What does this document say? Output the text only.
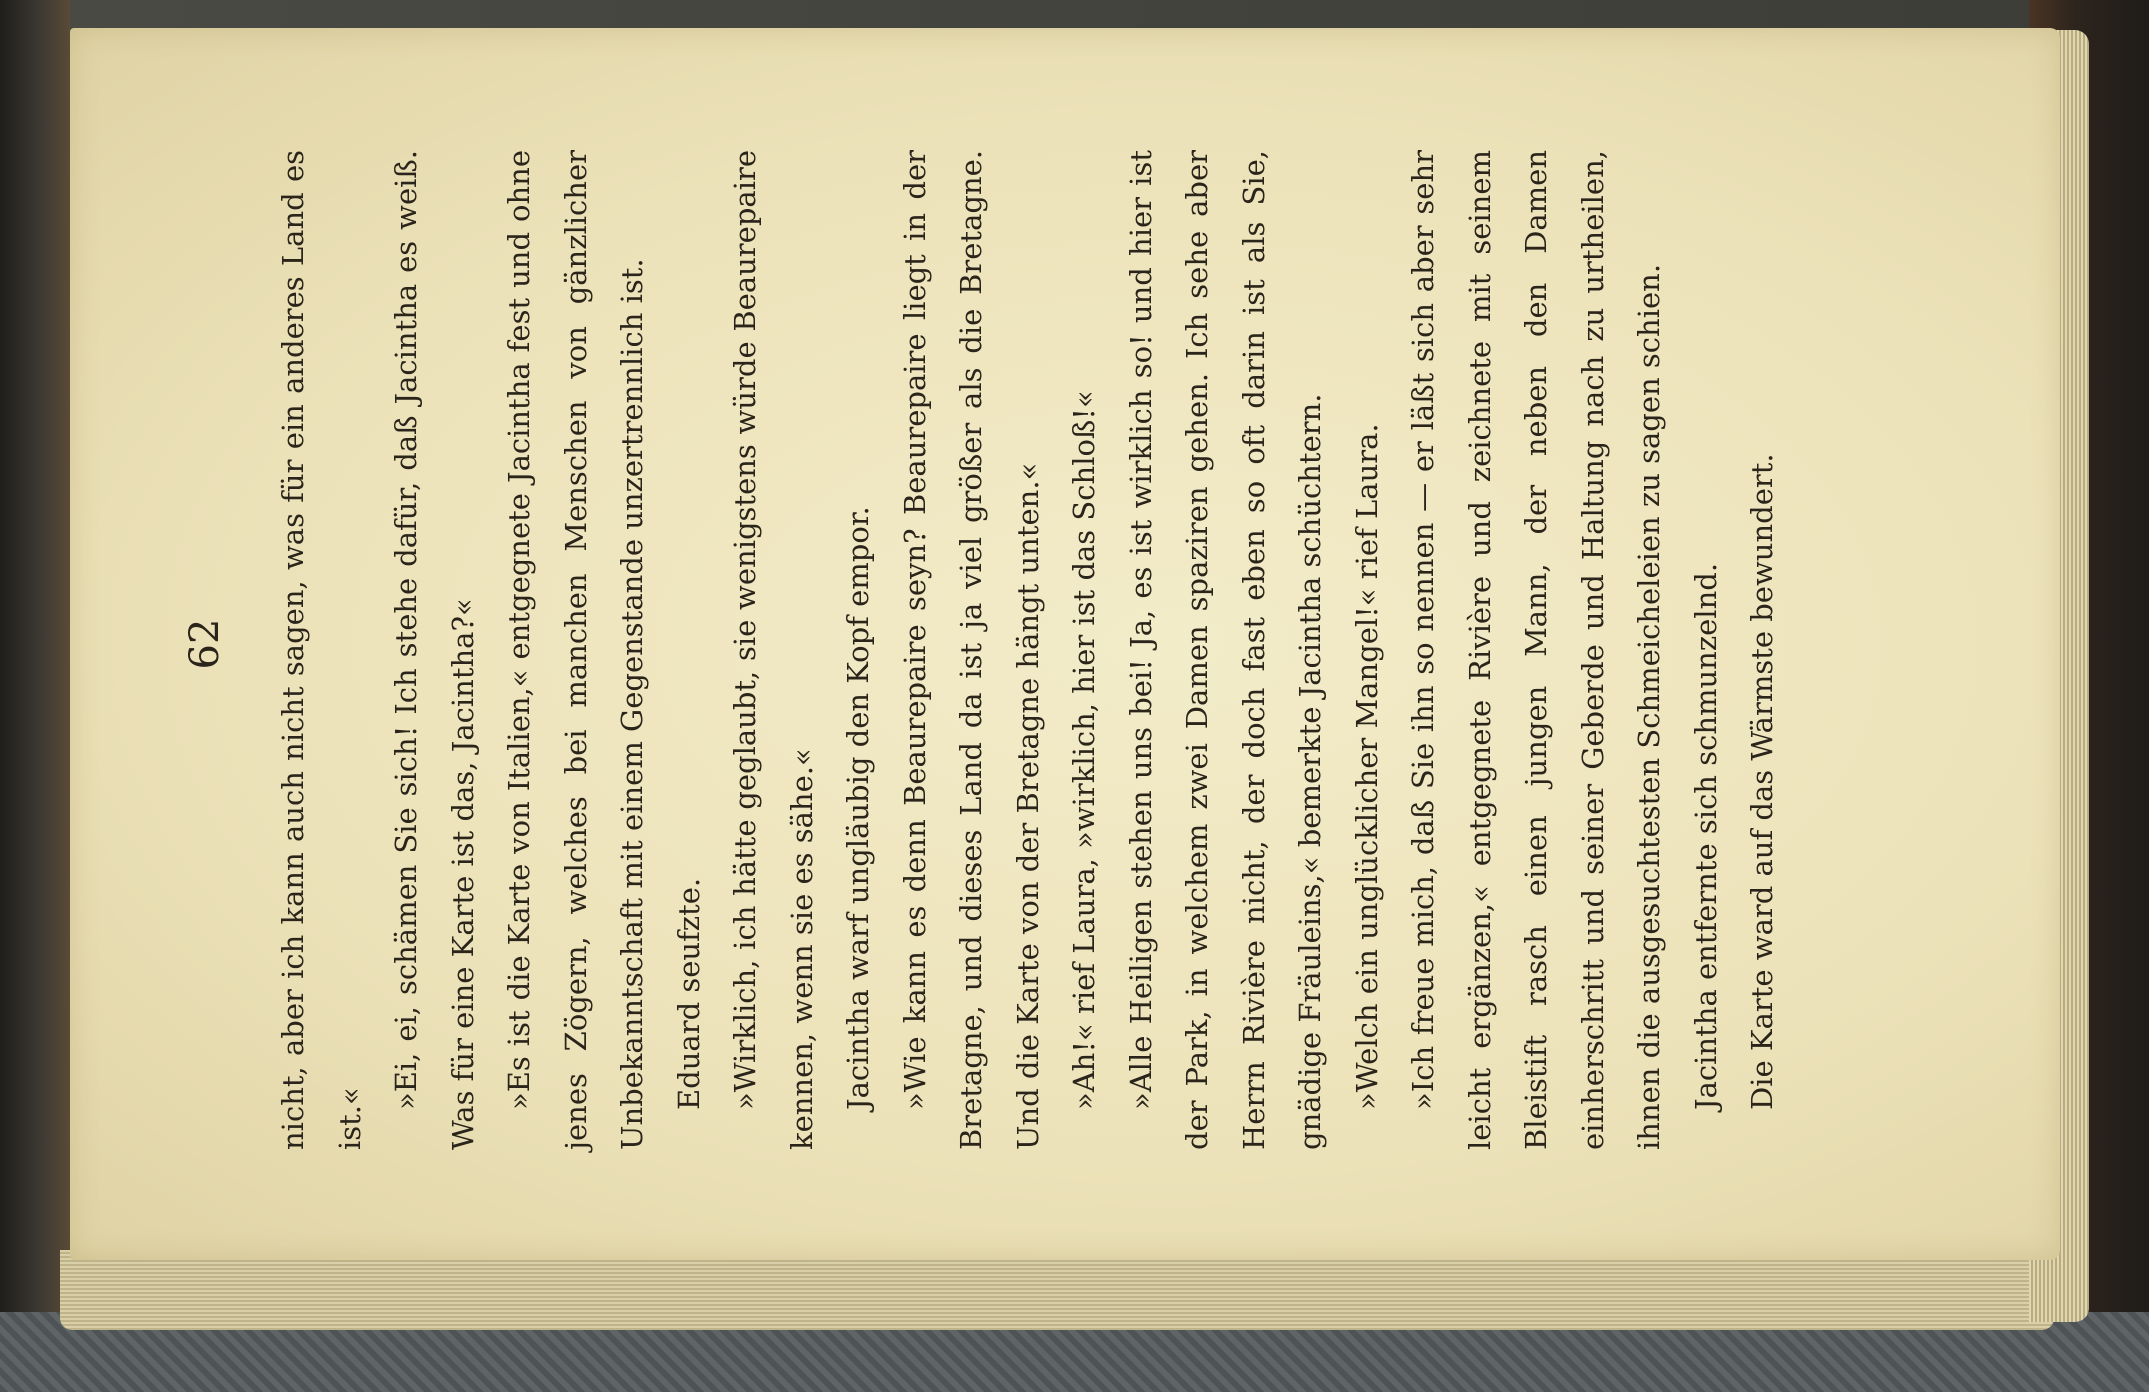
62	nicht, aber ich kann auch nicht sagen, was für ein anderes Land es ist.«

»Ei, ei, schämen Sie sich! Ich stehe dafür, daß Jacintha es weiß. Was für eine Karte ist das, Jacintha?« »Es ist die Karte von Italien,« entgegnete Jacintha fest und ohne jenes Zögern, welches bei manchen Menschen von gänzlicher Unbekanntschaft mit einem Gegenstande unzertrennlich ist. Eduard seufzte. »Wirklich, ich hätte geglaubt, sie wenigstens würde Beaurepaire kennen, wenn sie es sähe.« Jacintha warf ungläubig den Kopf empor. »Wie kann es denn Beaurepaire seyn? Beaurepaire liegt in der Bretagne, und dieses Land da ist ja viel größer als die Bretagne. Und die Karte von der Bretagne hängt unten.« »Ah!« rief Laura, »wirklich, hier ist das Schloß!« »Alle Heiligen stehen uns bei! Ja, es ist wirklich so! und hier ist der Park, in welchem zwei Damen spaziren gehen. Ich sehe aber Herrn Rivière nicht, der doch fast eben so oft darin ist als Sie, gnädige Fräuleins,« bemerkte Jacintha schüchtern. »Welch ein unglücklicher Mangel!« rief Laura. »Ich freue mich, daß Sie ihn so nennen — er läßt sich aber sehr leicht ergänzen,« entgegnete Rivière und zeichnete mit seinem Bleistift rasch einen jungen Mann, der neben den Damen einherschritt und seiner Geberde und Haltung nach zu urtheilen, ihnen die ausgesuchtesten Schmeicheleien zu sagen schien. Jacintha entfernte sich schmunzelnd. Die Karte ward auf das Wärmste bewundert.
